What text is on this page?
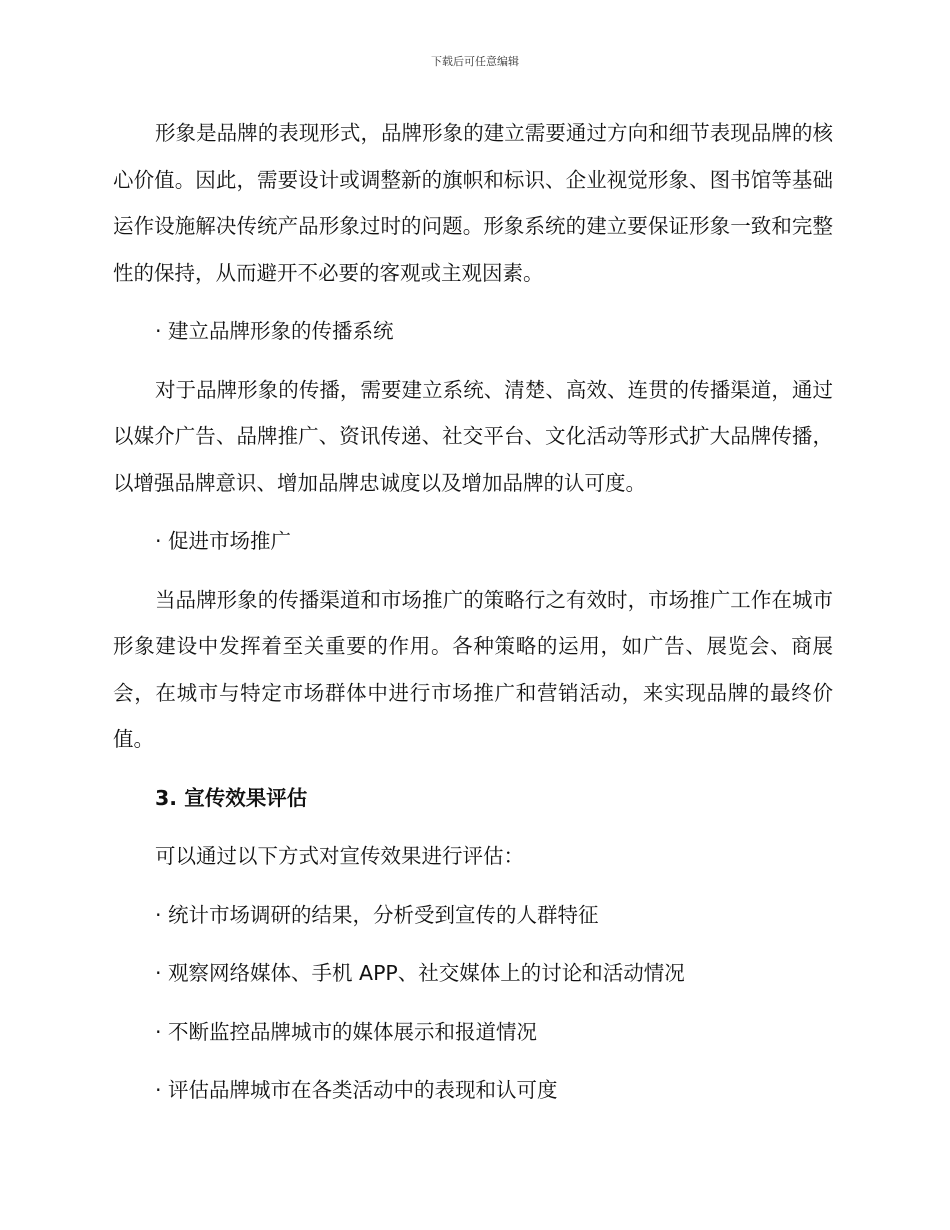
下载后可任意编辑

形象是品牌的表现形式，品牌形象的建立需要通过方向和细节表现品牌的核心价值。因此，需要设计或调整新的旗帜和标识、企业视觉形象、图书馆等基础运作设施解决传统产品形象过时的问题。形象系统的建立要保证形象一致和完整性的保持，从而避开不必要的客观或主观因素。

· 建立品牌形象的传播系统

对于品牌形象的传播，需要建立系统、清楚、高效、连贯的传播渠道，通过以媒介广告、品牌推广、资讯传递、社交平台、文化活动等形式扩大品牌传播，以增强品牌意识、增加品牌忠诚度以及增加品牌的认可度。

· 促进市场推广

当品牌形象的传播渠道和市场推广的策略行之有效时，市场推广工作在城市形象建设中发挥着至关重要的作用。各种策略的运用，如广告、展览会、商展会，在城市与特定市场群体中进行市场推广和营销活动，来实现品牌的最终价值。

3. 宣传效果评估

可以通过以下方式对宣传效果进行评估：

· 统计市场调研的结果，分析受到宣传的人群特征

· 观察网络媒体、手机 APP、社交媒体上的讨论和活动情况

· 不断监控品牌城市的媒体展示和报道情况

· 评估品牌城市在各类活动中的表现和认可度
